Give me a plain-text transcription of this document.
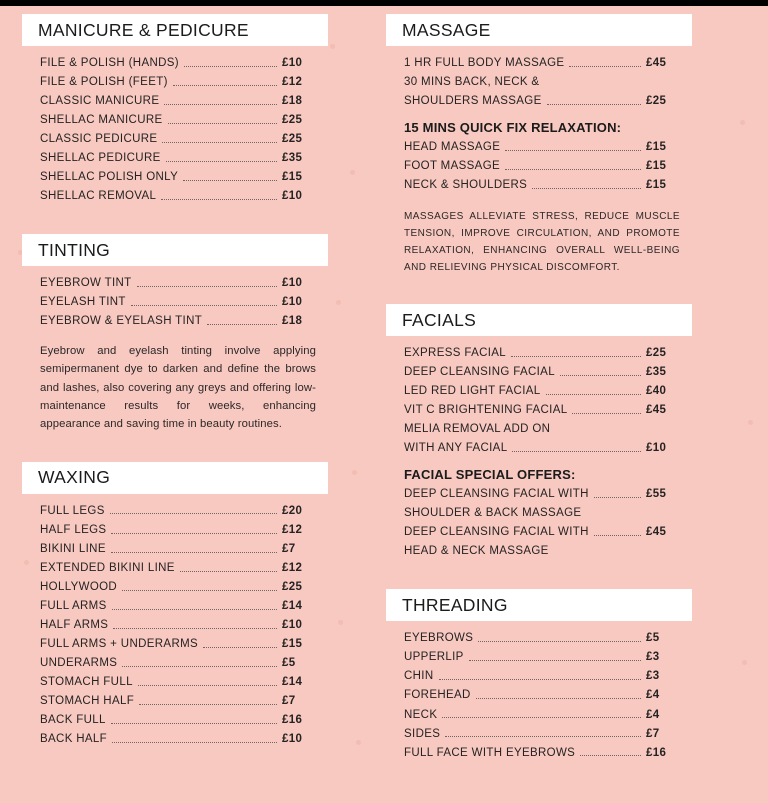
MANICURE & PEDICURE
FILE & POLISH (HANDS)	£10
FILE & POLISH (FEET)	£12
CLASSIC MANICURE	£18
SHELLAC MANICURE	£25
CLASSIC PEDICURE	£25
SHELLAC PEDICURE	£35
SHELLAC POLISH ONLY	£15
SHELLAC REMOVAL	£10
TINTING
EYEBROW TINT	£10
EYELASH TINT	£10
EYEBROW & EYELASH TINT	£18

Eyebrow and eyelash tinting involve applying semipermanent dye to darken and define the brows and lashes, also covering any greys and offering low-maintenance results for weeks, enhancing appearance and saving time in beauty routines.

WAXING
FULL LEGS	£20
HALF LEGS	£12
BIKINI LINE	£7
EXTENDED BIKINI LINE	£12
HOLLYWOOD	£25
FULL ARMS	£14
HALF ARMS	£10
FULL ARMS + UNDERARMS	£15
UNDERARMS	£5
STOMACH FULL	£14
STOMACH HALF	£7
BACK FULL	£16
BACK HALF	£10
MASSAGE
1 HR FULL BODY MASSAGE	£45
30 MINS BACK, NECK &
SHOULDERS MASSAGE	£25
15 MINS QUICK FIX RELAXATION:
HEAD MASSAGE	£15
FOOT MASSAGE	£15
NECK & SHOULDERS	£15

MASSAGES ALLEVIATE STRESS, REDUCE MUSCLE TENSION, IMPROVE CIRCULATION, AND PROMOTE RELAXATION, ENHANCING OVERALL WELL-BEING AND RELIEVING PHYSICAL DISCOMFORT.

FACIALS
EXPRESS FACIAL	£25
DEEP CLEANSING FACIAL	£35
LED RED LIGHT FACIAL	£40
VIT C BRIGHTENING FACIAL	£45
MELIA REMOVAL ADD ON
WITH ANY FACIAL	£10
FACIAL SPECIAL OFFERS:
DEEP CLEANSING FACIAL WITH	£55
SHOULDER & BACK MASSAGE
DEEP CLEANSING FACIAL WITH	£45
HEAD & NECK MASSAGE
THREADING
EYEBROWS	£5
UPPERLIP	£3
CHIN	£3
FOREHEAD	£4
NECK	£4
SIDES	£7
FULL FACE WITH EYEBROWS	£16
